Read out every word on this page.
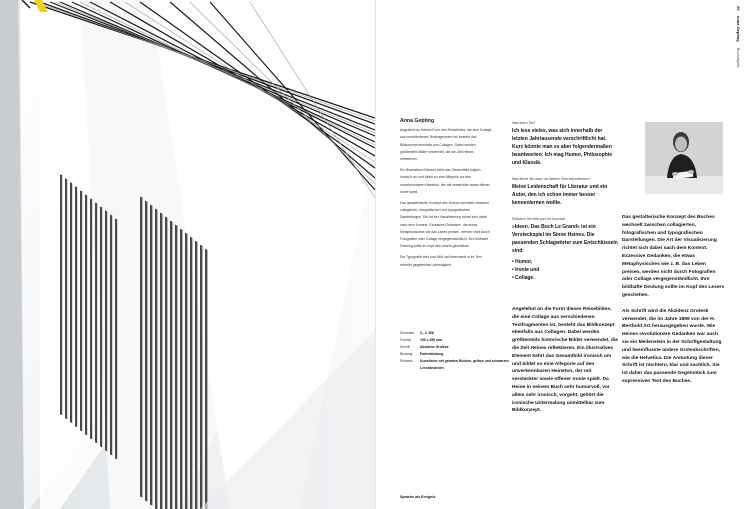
Anna Gepting

Angelehnt an Heines Form des Reisebildes, die eine Collage aus verschiedenen Textfragmenten ist, besteht das Bildkonzept ebenfalls aus Collagen. Dabei werden größtenteils Bilder verwendet, die die Zeit Heines reflektieren.

Ein illustratives Element kehrt das Gesamtbild folglich ironisch um und bildet so eine Allegorie auf den unverkennbaren Heineton, der mit versteckter sowie offener Ironie spielt.

Das gestalterische Konzept des Buches wechselt zwischen collagierten, fotografischen und typografischen Darstellungen. Die Art der Visualisierung richtet sich dabei nach dem Kontext. Exzessive Gedanken, die etwas Metaphysisches wie das Leben preisen, werden nicht durch Fotografien oder Collage vergegenständlicht. Ihre bildhafte Deutung sollte im Kopf des Lesers geschehen.

Die Typografie wird zum Bild und lesermerkt in ihr Text schreibt gegebenste Lebendigkeit.

Semester	3., 4. WA
Format	195 x 260 mm
Schrift	Akzidenz Grotesk
Bindung	Fadenbindung
Einband	Kunstleder mit geraden Rücken, gelbes und schwarzes Lesebändchen
Sprache als Ereignis
Was lesen Sie?
Ich lese vieles, was sich innerhalb der letzten Jahrtausende verschriftlicht hat. Kurz könnte man es aber folgendermaßen beantworten: Ich mag Humor, Philosophie und Klassik.
Was führte Sie dazu, an diesem Kurs teilzunehmen?
Meine Leidenschaft für Literatur und ein Autor, den ich schon immer besser kennenlernen wollte.
Erläutern Sie bitte kurz Ihr Konzept.
»Ideen. Das Buch Le Grand« ist ein Versteckspiel im Sinne Heines. Die passenden Schlagwörter zum Entschlüsseln sind:
• Humor,
• Ironie und
• Collage.
Angelehnt an die Form dieses Reisebildes, die eine Collage aus verschiedenen Textfragmenten ist, besteht das Bildkonzept ebenfalls aus Collagen. Dabei werden größtenteils historische Bilder verwendet, die die Zeit Heines reflektieren. Ein illustratives Element kehrt das Gesamtbild ironisch um und bildet so eine Allegorie auf den unverkennbaren Heineton, der mit versteckter sowie offener Ironie spielt. Da Heine in seinem Buch sehr humorvoll, vor allem sehr ironisch, vorgeht, gehört die ironische Untermalung unmittelbar zum Bildkonzept.

Das gestalterische Konzept des Buches wechselt zwischen collagierten, fotografischen und typografischen Darstellungen. Die Art der Visualisierung richtet sich dabei nach dem Kontext. Exzessive Gedanken, die etwas Metaphysisches wie z. B. das Leben preisen, werden nicht durch Fotografien oder Collage vergegenständlicht. Ihre bildhafte Deutung sollte im Kopf des Lesers geschehen.

Als Schrift wird die Akzidenz Grotesk verwendet, die im Jahre 1896 von der H. Berthold AG herausgegeben wurde. Wie Heines revolutionäre Gedanken war auch sie ein Meilenstein in der Schriftgestaltung und beeinflusste andere Groteskschriften, wie die Helvetica. Die Anmutung dieser Schrift ist nüchtern, klar und sachlich. Sie ist daher das passende Gegenstück zum expressiven Text des Buches.

25Anna GeptingBuchobjekt
